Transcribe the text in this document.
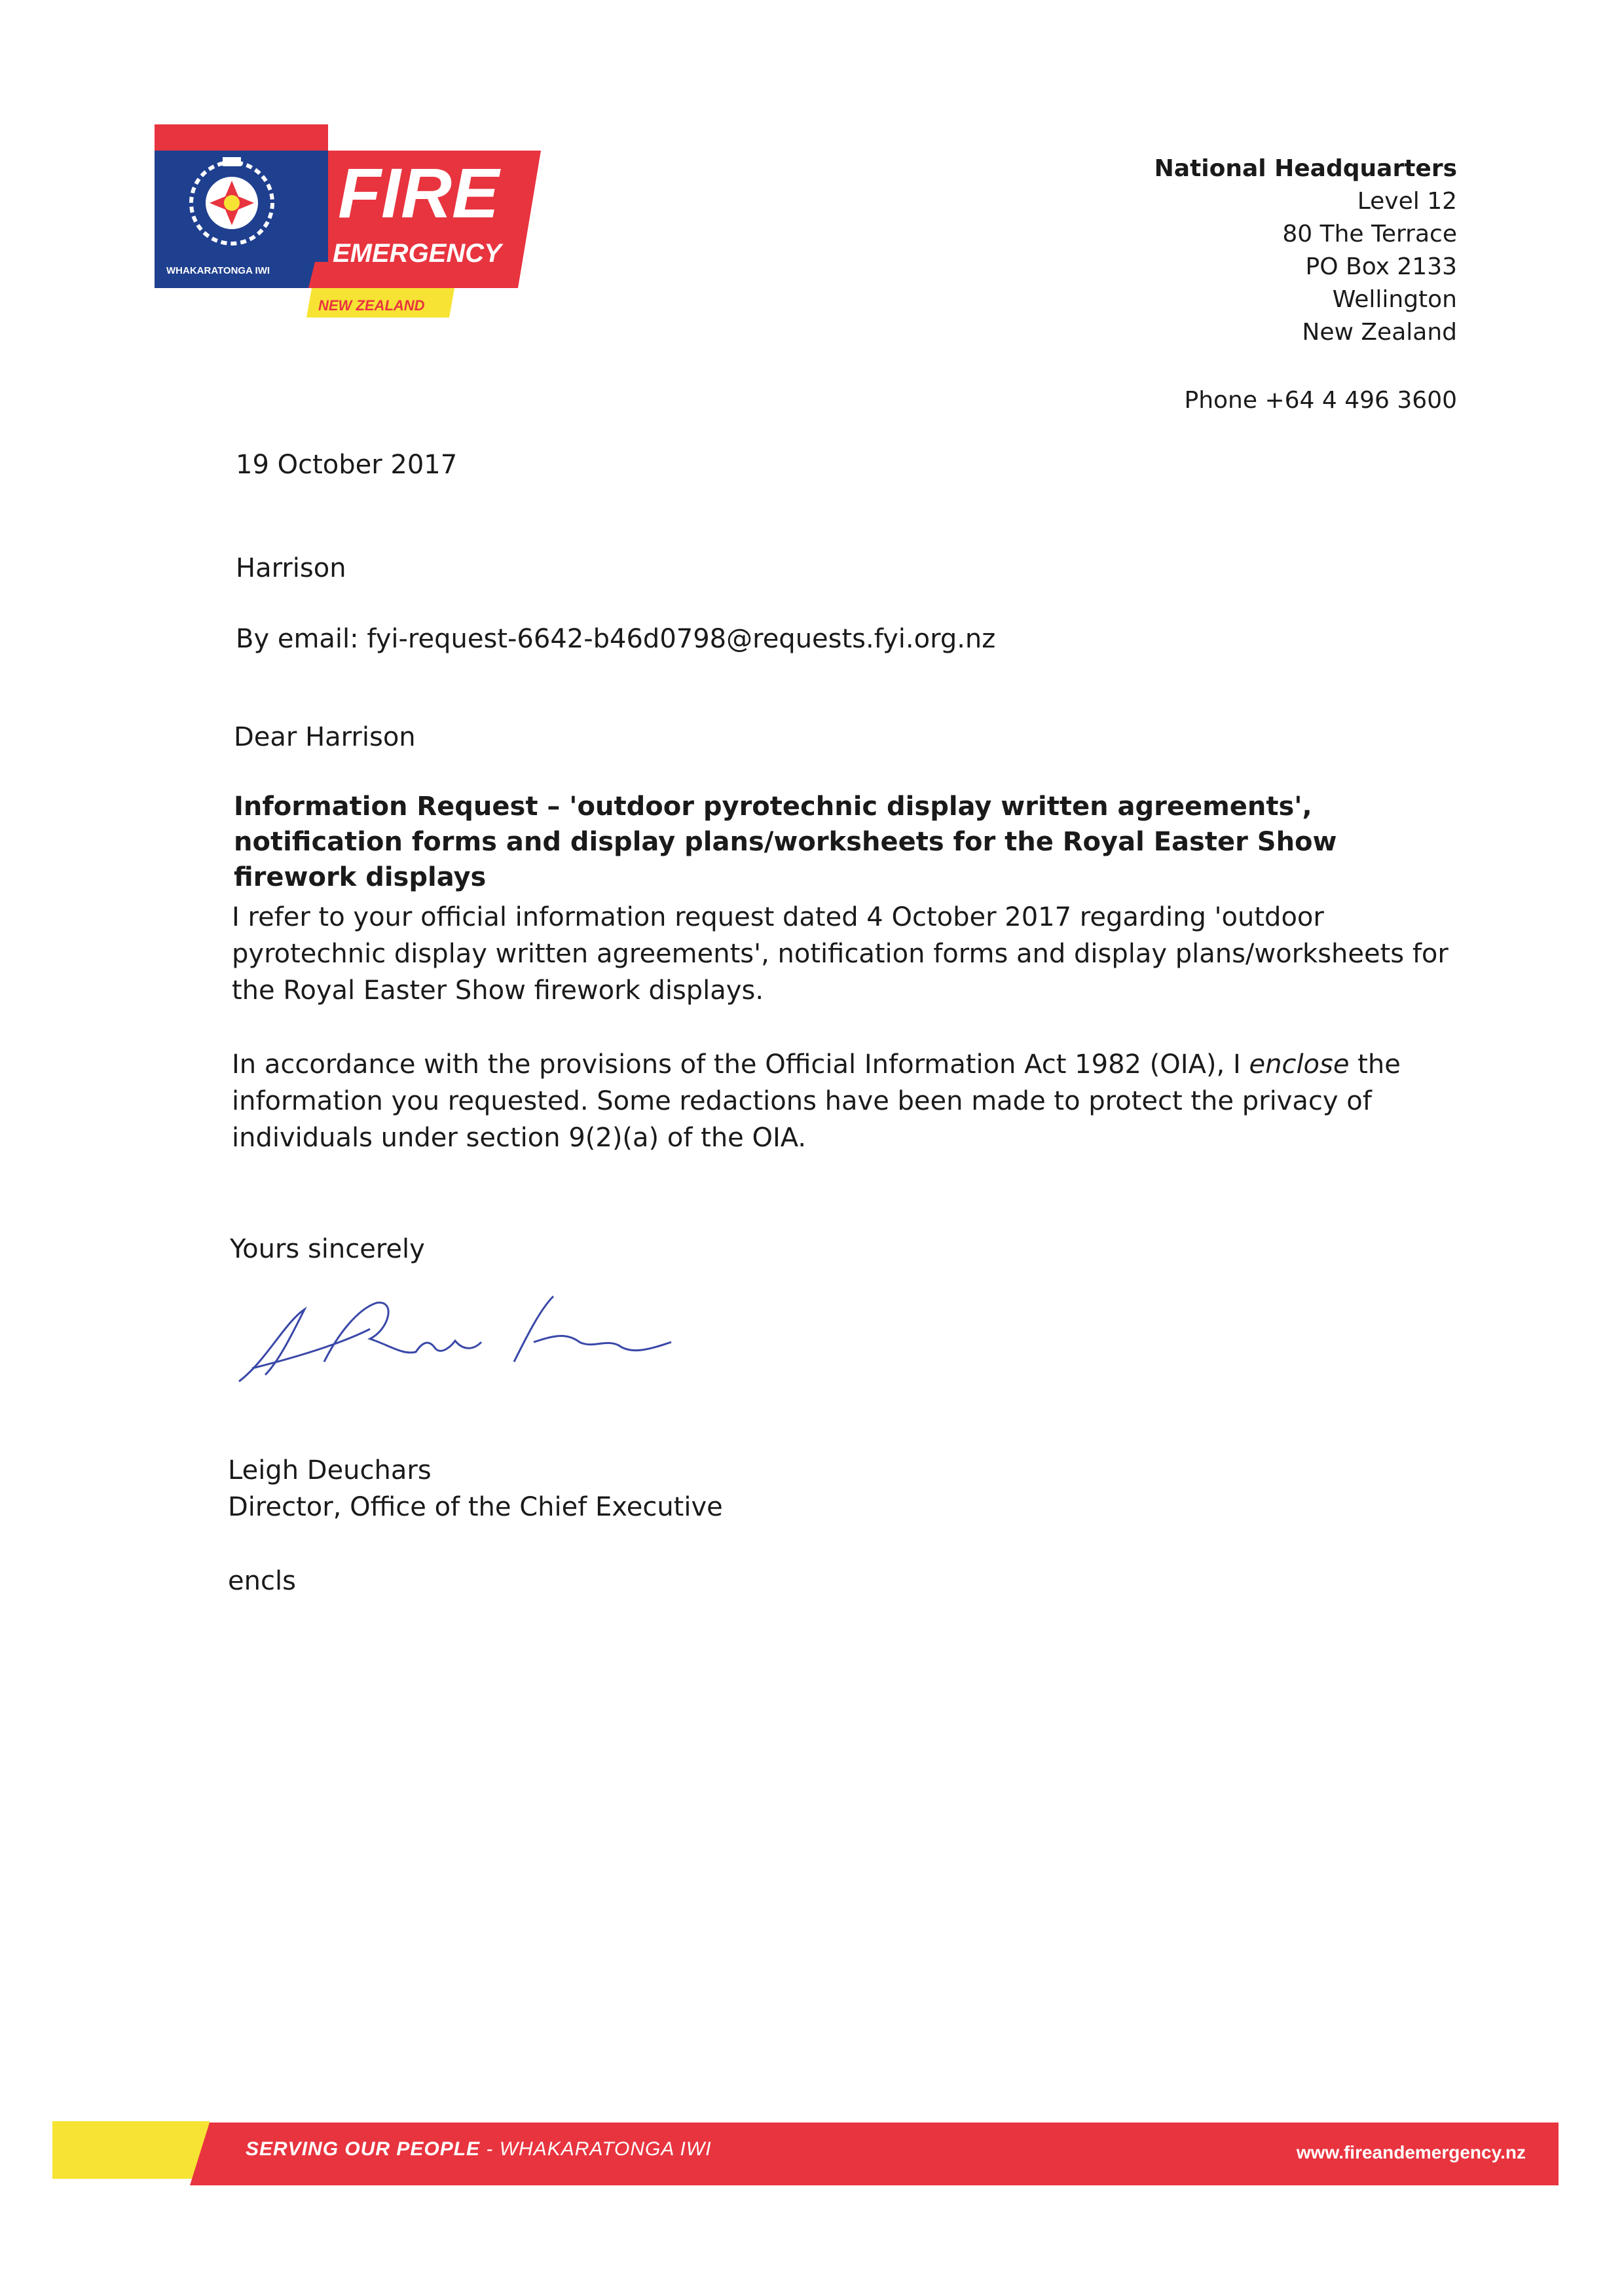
WHAKARATONGA IWI
FIRE
EMERGENCY
NEW ZEALAND
National Headquarters
Level 12
80 The Terrace
PO Box 2133
Wellington
New Zealand
Phone +64 4 496 3600
19 October 2017
Harrison
By email: fyi-request-6642-b46d0798@requests.fyi.org.nz
Dear Harrison
Information Request – 'outdoor pyrotechnic display written agreements', notification forms and display plans/worksheets for the Royal Easter Show firework displays
I refer to your official information request dated 4 October 2017 regarding 'outdoor pyrotechnic display written agreements', notification forms and display plans/worksheets for the Royal Easter Show firework displays.
In accordance with the provisions of the Official Information Act 1982 (OIA), I enclose the information you requested. Some redactions have been made to protect the privacy of individuals under section 9(2)(a) of the OIA.
Yours sincerely
Leigh Deuchars
Director, Office of the Chief Executive
encls
SERVING OUR PEOPLE - WHAKARATONGA IWI	www.fireandemergency.nz
